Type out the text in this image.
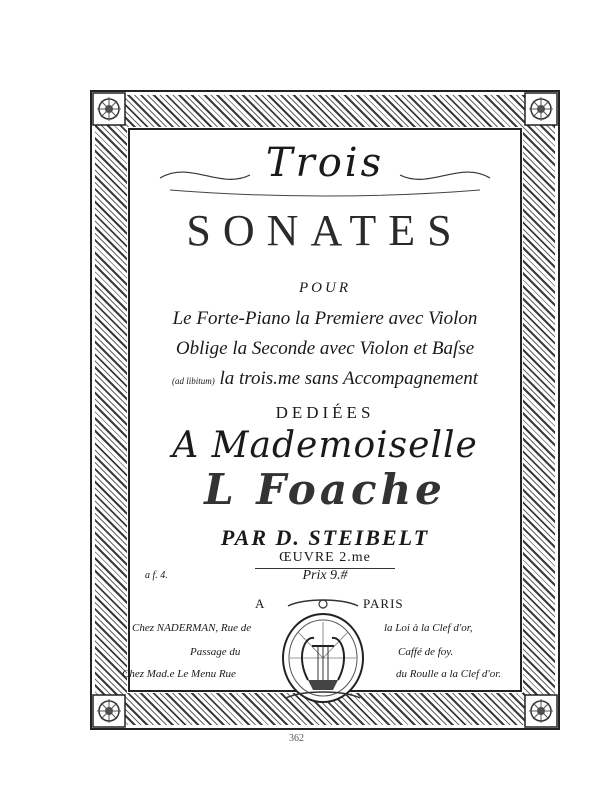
Trois
SONATES
POUR
Le Forte-Piano la Premiere avec Violon
Oblige la Seconde avec Violon et Baſse
(ad libitum) la trois.me sans Accompagnement
DEDIÉES
A Mademoiselle
L Foache
PAR D. STEIBELT
ŒUVRE 2.me
Prix 9.#
a f. 4.
A	PARIS
Chez NADERMAN, Rue de	la Loi à la Clef d'or,
Passage du	Caffé de foy.
Chez Mad.e Le Menu Rue	du Roulle a la Clef d'or.
362
